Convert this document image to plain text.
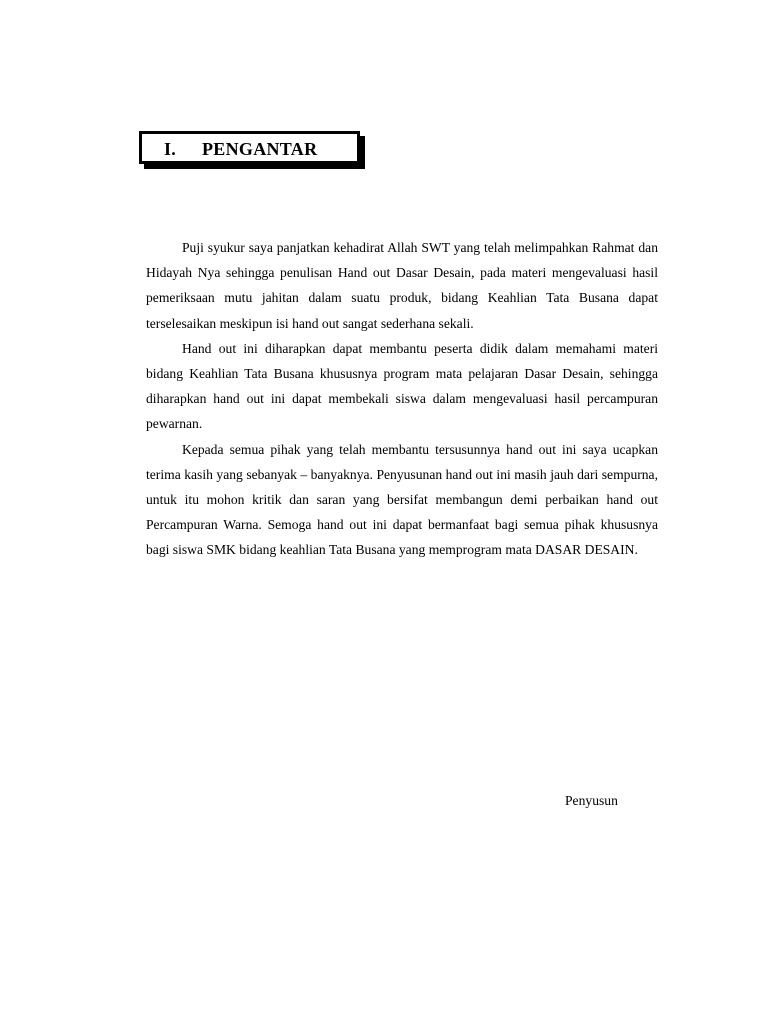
I. PENGANTAR

Puji syukur saya panjatkan kehadirat Allah SWT yang telah melimpahkan Rahmat dan Hidayah Nya sehingga penulisan Hand out Dasar Desain, pada materi mengevaluasi hasil pemeriksaan mutu jahitan dalam suatu produk, bidang Keahlian Tata Busana dapat terselesaikan meskipun isi hand out sangat sederhana sekali.

Hand out ini diharapkan dapat membantu peserta didik dalam memahami materi bidang Keahlian Tata Busana khususnya program mata pelajaran Dasar Desain, sehingga diharapkan hand out ini dapat membekali siswa dalam mengevaluasi hasil percampuran pewarnan.

Kepada semua pihak yang telah membantu tersusunnya hand out ini saya ucapkan terima kasih yang sebanyak – banyaknya. Penyusunan hand out ini masih jauh dari sempurna, untuk itu mohon kritik dan saran yang bersifat membangun demi perbaikan hand out Percampuran Warna. Semoga hand out ini dapat bermanfaat bagi semua pihak khususnya bagi siswa SMK bidang keahlian Tata Busana yang memprogram mata DASAR DESAIN.

Penyusun
